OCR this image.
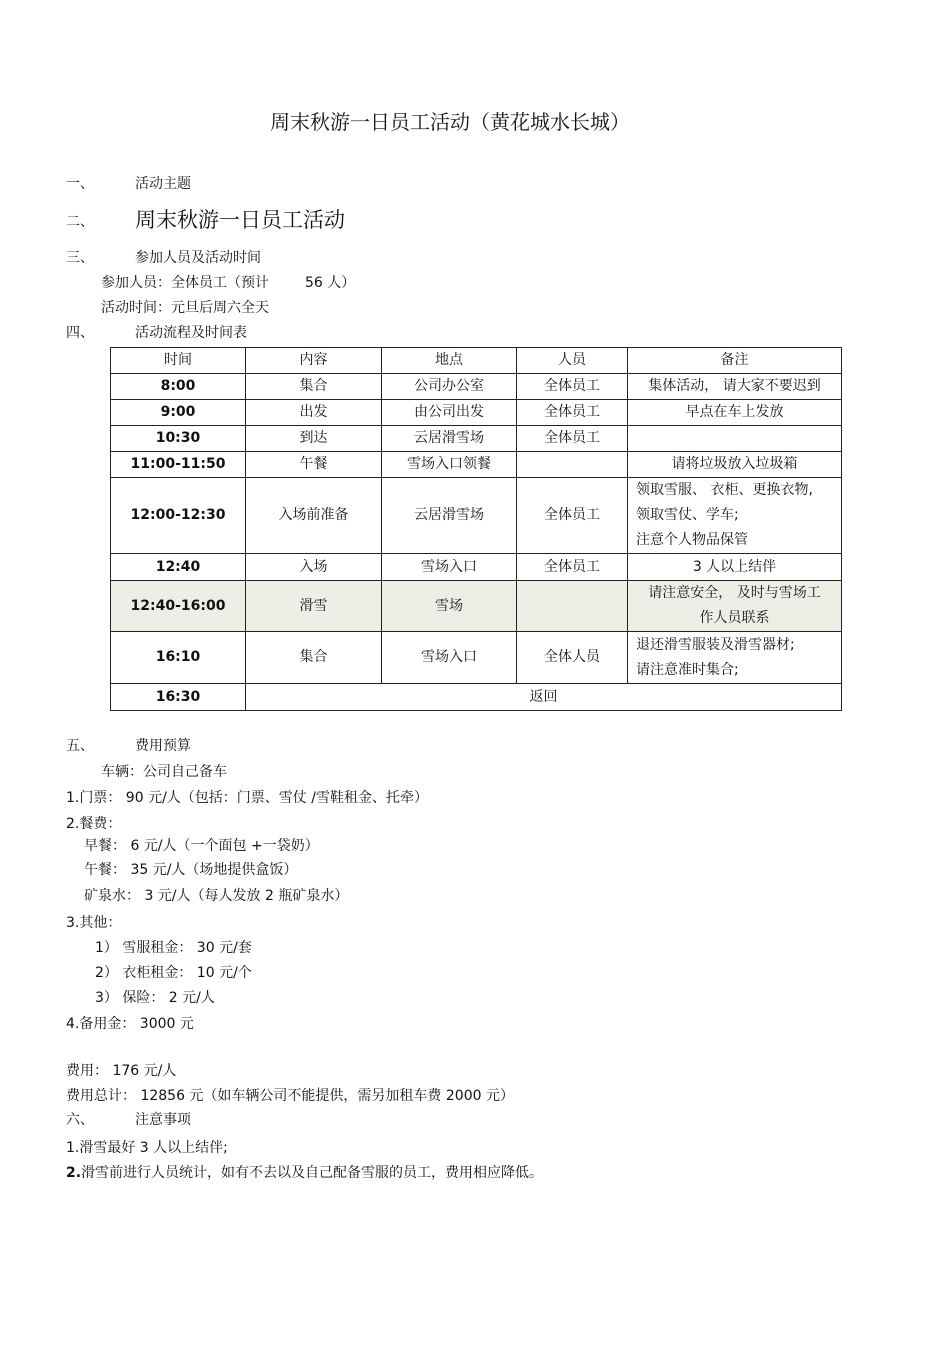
周末秋游一日员工活动（黄花城水长城）
一、	活动主题
二、 周末秋游一日员工活动
三、	参加人员及活动时间
参加人员：全体员工（预计	56 人）
活动时间：元旦后周六全天
四、	活动流程及时间表
时间	内容	地点	人员	备注
8:00	集合	公司办公室	全体员工	集体活动， 请大家不要迟到
9:00	出发	由公司出发	全体员工	早点在车上发放
10:30	到达	云居滑雪场	全体员工	
11:00-11:50	午餐	雪场入口领餐		请将垃圾放入垃圾箱
12:00-12:30	入场前准备	云居滑雪场	全体员工	领取雪服、 衣柜、更换衣物,
领取雪仗、学车;
注意个人物品保管

12:40	入场	雪场入口	全体员工	3 人以上结伴
12:40-16:00	滑雪	雪场		请注意安全， 及时与雪场工
作人员联系

16:10	集合	雪场入口	全体人员	退还滑雪服装及滑雪器材;
请注意准时集合;

16:30	返回			
五、	费用预算
车辆：公司自己备车
1.门票： 90 元/人（包括：门票、雪仗 /雪鞋租金、托牵）
2.餐费：
早餐： 6 元/人（一个面包 +一袋奶）
午餐： 35 元/人（场地提供盒饭）
矿泉水： 3 元/人（每人发放 2 瓶矿泉水）
3.其他：
1） 雪服租金： 30 元/套
2） 衣柜租金： 10 元/个
3） 保险： 2 元/人
4.备用金： 3000 元
费用： 176 元/人
费用总计： 12856 元（如车辆公司不能提供，需另加租车费 2000 元）
六、	注意事项
1.滑雪最好 3 人以上结伴;
2.滑雪前进行人员统计，如有不去以及自己配备雪服的员工，费用相应降低。
